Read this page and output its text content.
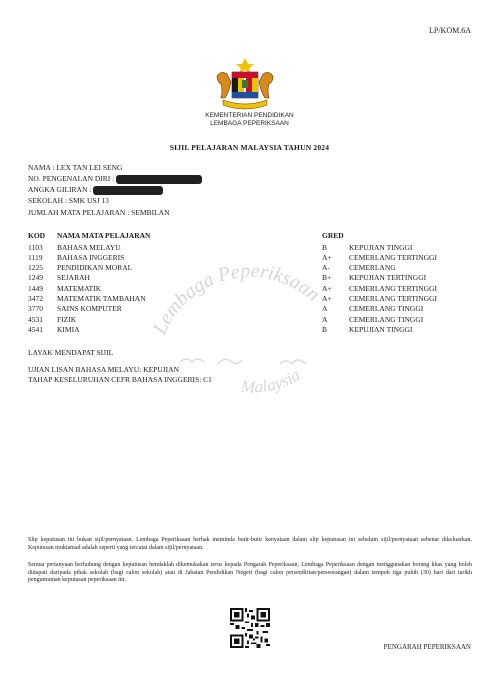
LP/KOM.6A
KEMENTERIAN PENDIDIKAN
LEMBAGA PEPERIKSAAN
SIJIL PELAJARAN MALAYSIA TAHUN 2024
Lembaga Peperiksaan
Malaysia
NAMA : LEX TAN LEI SENG
NO. PENGENALAN DIRI :
ANGKA GILIRAN :
SEKOLAH : SMK USJ 13
JUMLAH MATA PELAJARAN : SEMBILAN
KOD NAMA MATA PELAJARAN	GRED
1103 BAHASA MELAYU	B	KEPUJIAN TINGGI
1119 BAHASA INGGERIS	A+ CEMERLANG TERTINGGI
1225 PENDIDIKAN MORAL	A-	CEMERLANG
1249 SEJARAH	B+ KEPUJIAN TERTINGGI
1449 MATEMATIK	A+ CEMERLANG TERTINGGI
3472 MATEMATIK TAMBAHAN	A+ CEMERLANG TERTINGGI
3770 SAINS KOMPUTER	A	CEMERLANG TINGGI
4531 FIZIK	A	CEMERLANG TINGGI
4541 KIMIA	B	KEPUJIAN TINGGI
LAYAK MENDAPAT SIJIL
UJIAN LISAN BAHASA MELAYU: KEPUJIAN
TAHAP KESELURUHAN CEFR BAHASA INGGERIS: C1
Slip keputusan ini bukan sijil/pernyataan. Lembaga Peperiksaan berhak meminda butir-butir kenyataan dalam slip keputusan ini sebelum sijil/pernyataan sebenar dikeluarkan. Keputusan muktamad adalah seperti yang tercatat dalam sijil/pernyataan.
Semua pertanyaan berhubung dengan keputusan hendaklah dikemukakan terus kepada Pengarah Peperiksaan, Lembaga Peperiksaan dengan menggunakan borang khas yang boleh didapati daripada pihak sekolah (bagi calon sekolah) atau di Jabatan Pendidikan Negeri (bagi calon persendirian/perseorangan) dalam tempoh tiga puluh (30) hari dari tarikh pengumuman keputusan peperiksaan ini.
PENGARAH PEPERIKSAAN
